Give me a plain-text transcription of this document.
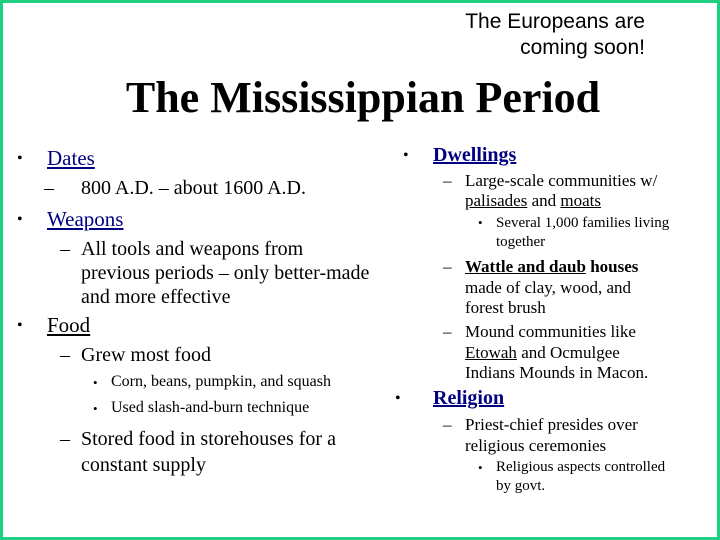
The Europeans are
coming soon!
The Mississippian Period
• Dates
– 800 A.D. – about 1600 A.D.
• Weapons
– All tools and weapons from
previous periods – only better-made
and more effective
• Food
– Grew most food
• Corn, beans, pumpkin, and squash
• Used slash-and-burn technique
– Stored food in storehouses for a
constant supply
• Dwellings
– Large-scale communities w/
palisades and moats
• Several 1,000 families living
together
– Wattle and daub houses
made of clay, wood, and
forest brush
– Mound communities like
Etowah and Ocmulgee
Indians Mounds in Macon.
• Religion
– Priest-chief presides over
religious ceremonies
• Religious aspects controlled
by govt.
